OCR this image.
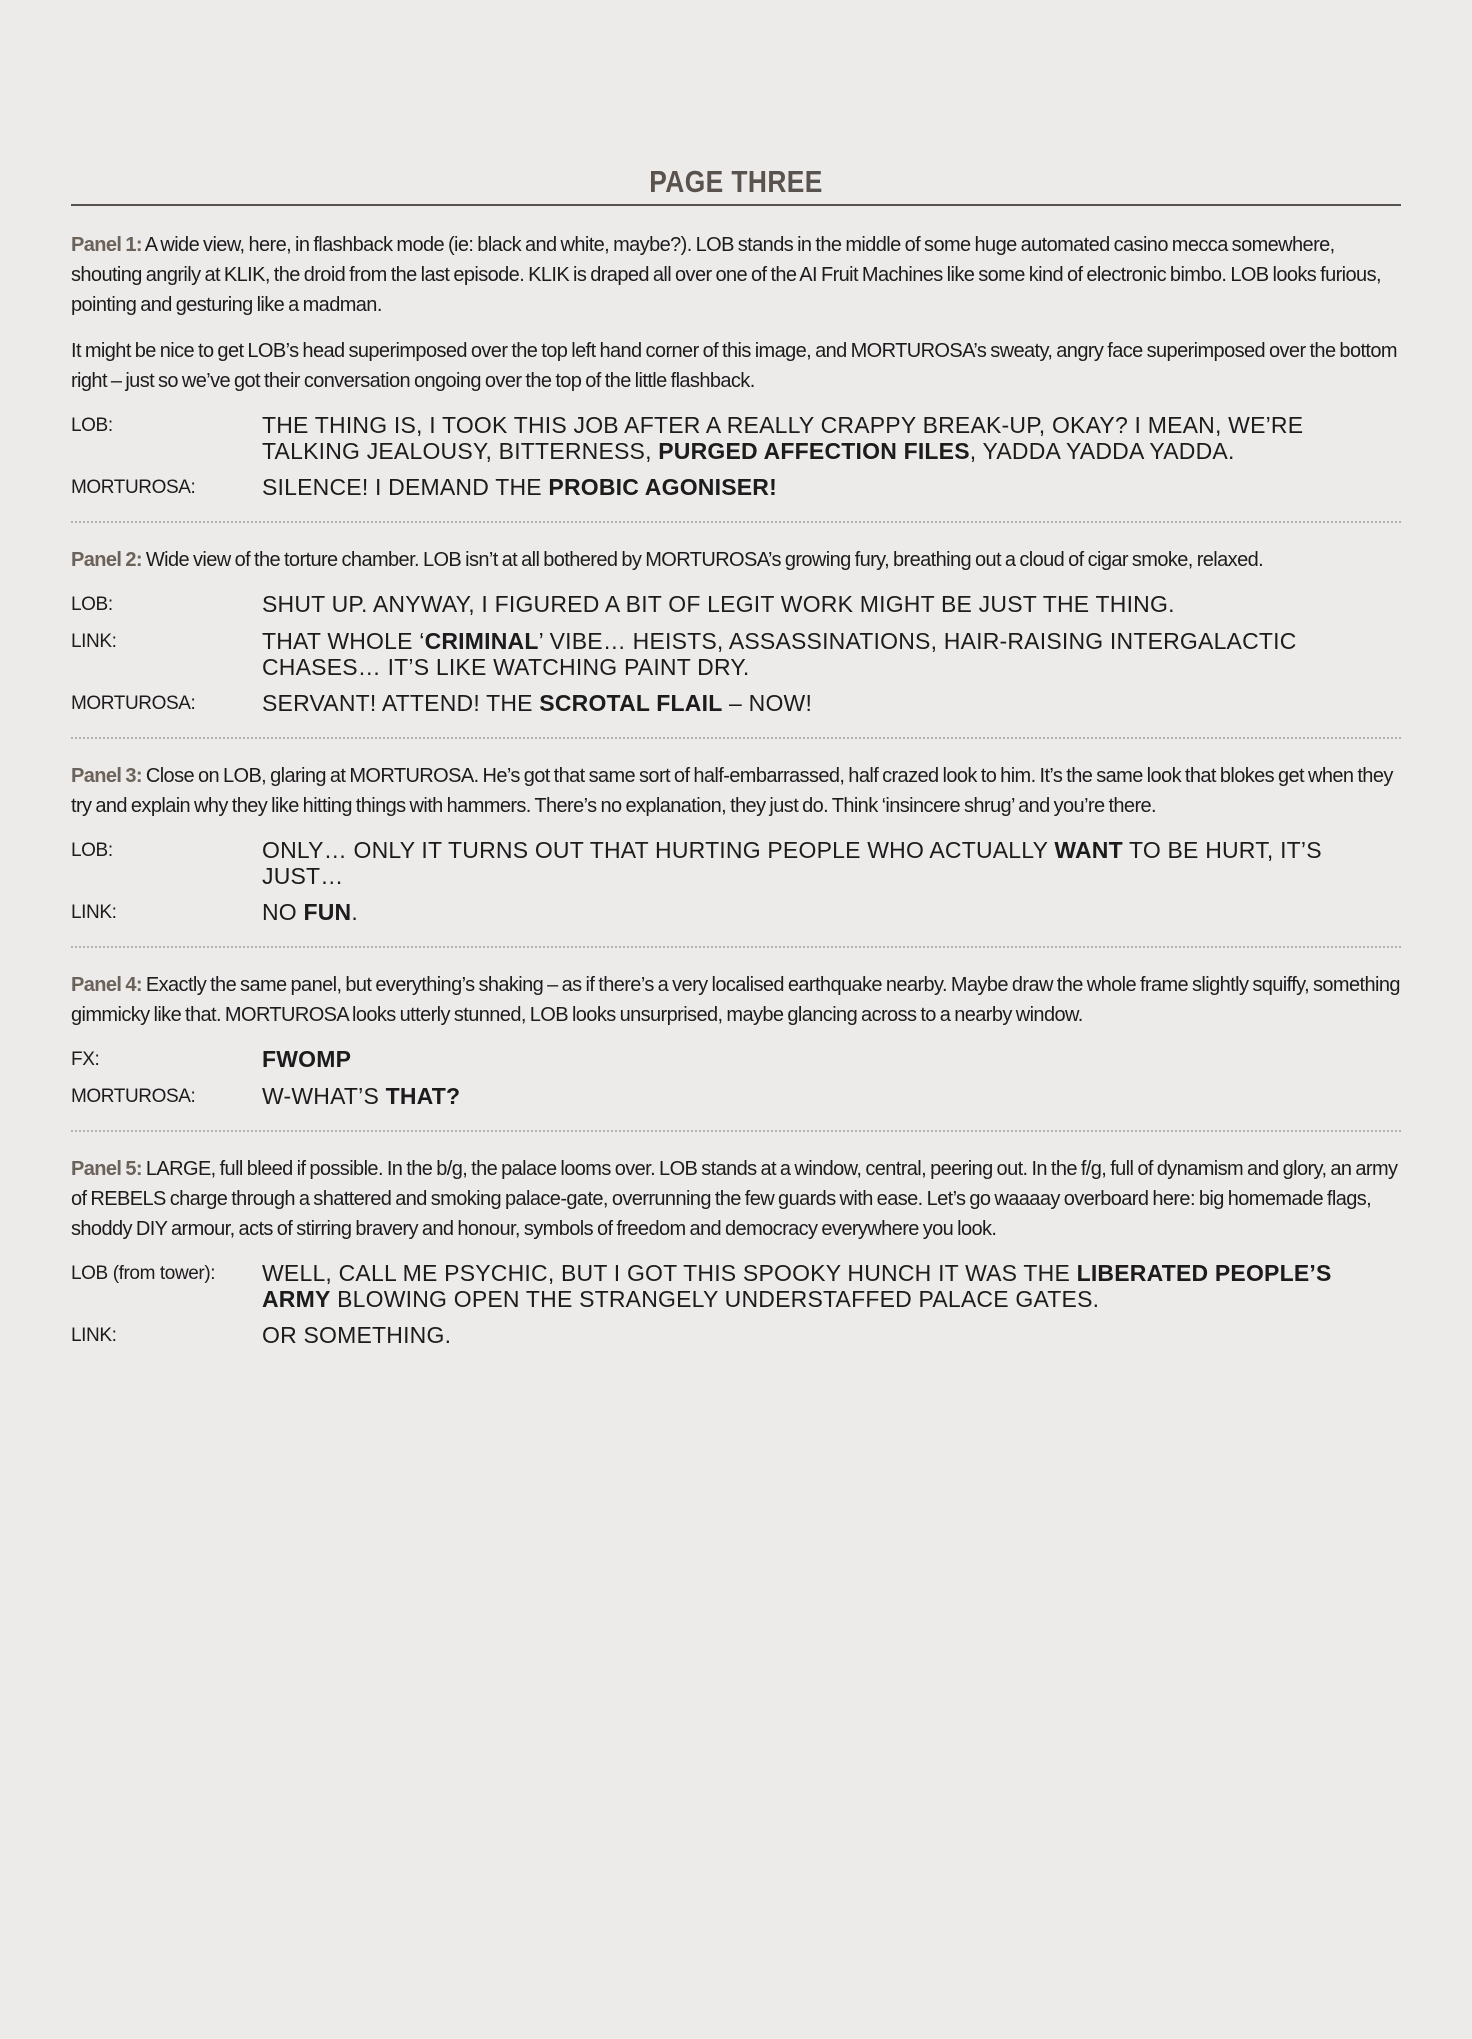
PAGE THREE

Panel 1: A wide view, here, in flashback mode (ie: black and white, maybe?). LOB stands in the middle of some huge automated casino mecca somewhere, shouting angrily at KLIK, the droid from the last episode. KLIK is draped all over one of the AI Fruit Machines like some kind of electronic bimbo. LOB looks furious, pointing and gesturing like a madman.

It might be nice to get LOB’s head superimposed over the top left hand corner of this image, and MORTUROSA’s sweaty, angry face superimposed over the bottom right – just so we’ve got their conversation ongoing over the top of the little flashback.

LOB:	THE THING IS, I TOOK THIS JOB AFTER A REALLY CRAPPY BREAK-UP, OKAY? I MEAN, WE’RE TALKING JEALOUSY, BITTERNESS, PURGED AFFECTION FILES, YADDA YADDA YADDA.
MORTUROSA:	SILENCE! I DEMAND THE PROBIC AGONISER!

Panel 2: Wide view of the torture chamber. LOB isn’t at all bothered by MORTUROSA’s growing fury, breathing out a cloud of cigar smoke, relaxed.

LOB:	SHUT UP. ANYWAY, I FIGURED A BIT OF LEGIT WORK MIGHT BE JUST THE THING.
LINK:	THAT WHOLE ‘CRIMINAL’ VIBE… HEISTS, ASSASSINATIONS, HAIR-RAISING INTERGALACTIC CHASES… IT’S LIKE WATCHING PAINT DRY.
MORTUROSA:	SERVANT! ATTEND! THE SCROTAL FLAIL – NOW!

Panel 3: Close on LOB, glaring at MORTUROSA. He’s got that same sort of half-embarrassed, half crazed look to him. It’s the same look that blokes get when they try and explain why they like hitting things with hammers. There’s no explanation, they just do. Think ‘insincere shrug’ and you’re there.

LOB:	ONLY… ONLY IT TURNS OUT THAT HURTING PEOPLE WHO ACTUALLY WANT TO BE HURT, IT’S JUST…
LINK:	NO FUN.

Panel 4: Exactly the same panel, but everything’s shaking – as if there’s a very localised earthquake nearby. Maybe draw the whole frame slightly squiffy, something gimmicky like that. MORTUROSA looks utterly stunned, LOB looks unsurprised, maybe glancing across to a nearby window.

FX:	FWOMP
MORTUROSA:	W-WHAT’S THAT?

Panel 5: LARGE, full bleed if possible. In the b/g, the palace looms over. LOB stands at a window, central, peering out. In the f/g, full of dynamism and glory, an army of REBELS charge through a shattered and smoking palace-gate, overrunning the few guards with ease. Let’s go waaaay overboard here: big homemade flags, shoddy DIY armour, acts of stirring bravery and honour, symbols of freedom and democracy everywhere you look.

LOB (from tower):	WELL, CALL ME PSYCHIC, BUT I GOT THIS SPOOKY HUNCH IT WAS THE LIBERATED PEOPLE’S ARMY BLOWING OPEN THE STRANGELY UNDERSTAFFED PALACE GATES.
LINK:	OR SOMETHING.
